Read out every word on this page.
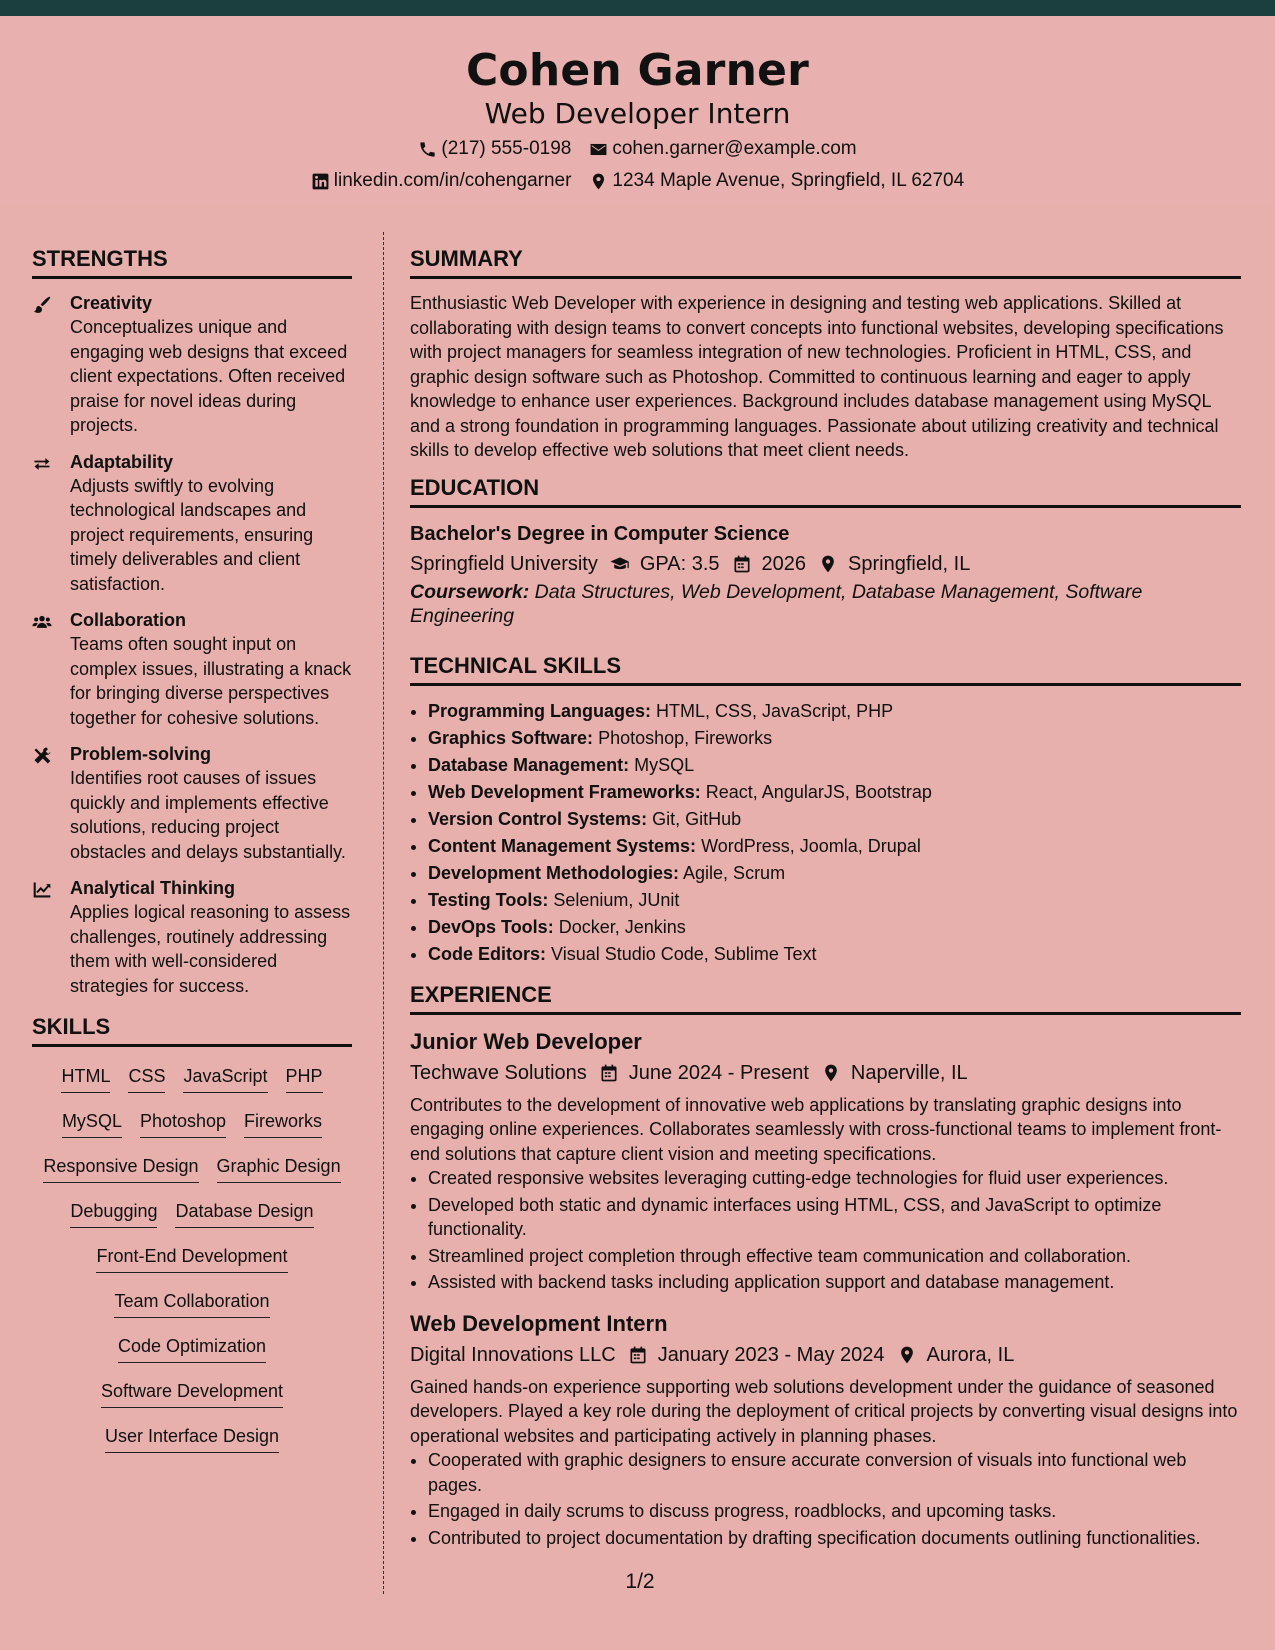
Cohen Garner
Web Developer Intern
(217) 555-0198 cohen.garner@example.com
linkedin.com/in/cohengarner 1234 Maple Avenue, Springfield, IL 62704
STRENGTHS
Creativity
Conceptualizes unique and engaging web designs that exceed client expectations. Often received praise for novel ideas during projects.
Adaptability
Adjusts swiftly to evolving technological landscapes and project requirements, ensuring timely deliverables and client satisfaction.
Collaboration
Teams often sought input on complex issues, illustrating a knack for bringing diverse perspectives together for cohesive solutions.
Problem-solving
Identifies root causes of issues quickly and implements effective solutions, reducing project obstacles and delays substantially.
Analytical Thinking
Applies logical reasoning to assess challenges, routinely addressing them with well-considered strategies for success.
SKILLS
HTML CSS JavaScript PHP
MySQL Photoshop Fireworks
Responsive Design Graphic Design
Debugging Database Design
Front-End Development
Team Collaboration
Code Optimization
Software Development
User Interface Design
SUMMARY
Enthusiastic Web Developer with experience in designing and testing web applications. Skilled at collaborating with design teams to convert concepts into functional websites, developing specifications with project managers for seamless integration of new technologies. Proficient in HTML, CSS, and graphic design software such as Photoshop. Committed to continuous learning and eager to apply knowledge to enhance user experiences. Background includes database management using MySQL and a strong foundation in programming languages. Passionate about utilizing creativity and technical skills to develop effective web solutions that meet client needs.
EDUCATION
Bachelor's Degree in Computer Science
Springfield University GPA: 3.5 2026 Springfield, IL
Coursework: Data Structures, Web Development, Database Management, Software Engineering
TECHNICAL SKILLS
• Programming Languages: HTML, CSS, JavaScript, PHP
• Graphics Software: Photoshop, Fireworks
• Database Management: MySQL
• Web Development Frameworks: React, AngularJS, Bootstrap
• Version Control Systems: Git, GitHub
• Content Management Systems: WordPress, Joomla, Drupal
• Development Methodologies: Agile, Scrum
• Testing Tools: Selenium, JUnit
• DevOps Tools: Docker, Jenkins
• Code Editors: Visual Studio Code, Sublime Text
EXPERIENCE
Junior Web Developer
Techwave Solutions June 2024 - Present Naperville, IL
Contributes to the development of innovative web applications by translating graphic designs into engaging online experiences. Collaborates seamlessly with cross-functional teams to implement front-end solutions that capture client vision and meeting specifications.
• Created responsive websites leveraging cutting-edge technologies for fluid user experiences.
• Developed both static and dynamic interfaces using HTML, CSS, and JavaScript to optimize functionality.
• Streamlined project completion through effective team communication and collaboration.
• Assisted with backend tasks including application support and database management.
Web Development Intern
Digital Innovations LLC January 2023 - May 2024 Aurora, IL
Gained hands-on experience supporting web solutions development under the guidance of seasoned developers. Played a key role during the deployment of critical projects by converting visual designs into operational websites and participating actively in planning phases.
• Cooperated with graphic designers to ensure accurate conversion of visuals into functional web pages.
• Engaged in daily scrums to discuss progress, roadblocks, and upcoming tasks.
• Contributed to project documentation by drafting specification documents outlining functionalities.
1/2
